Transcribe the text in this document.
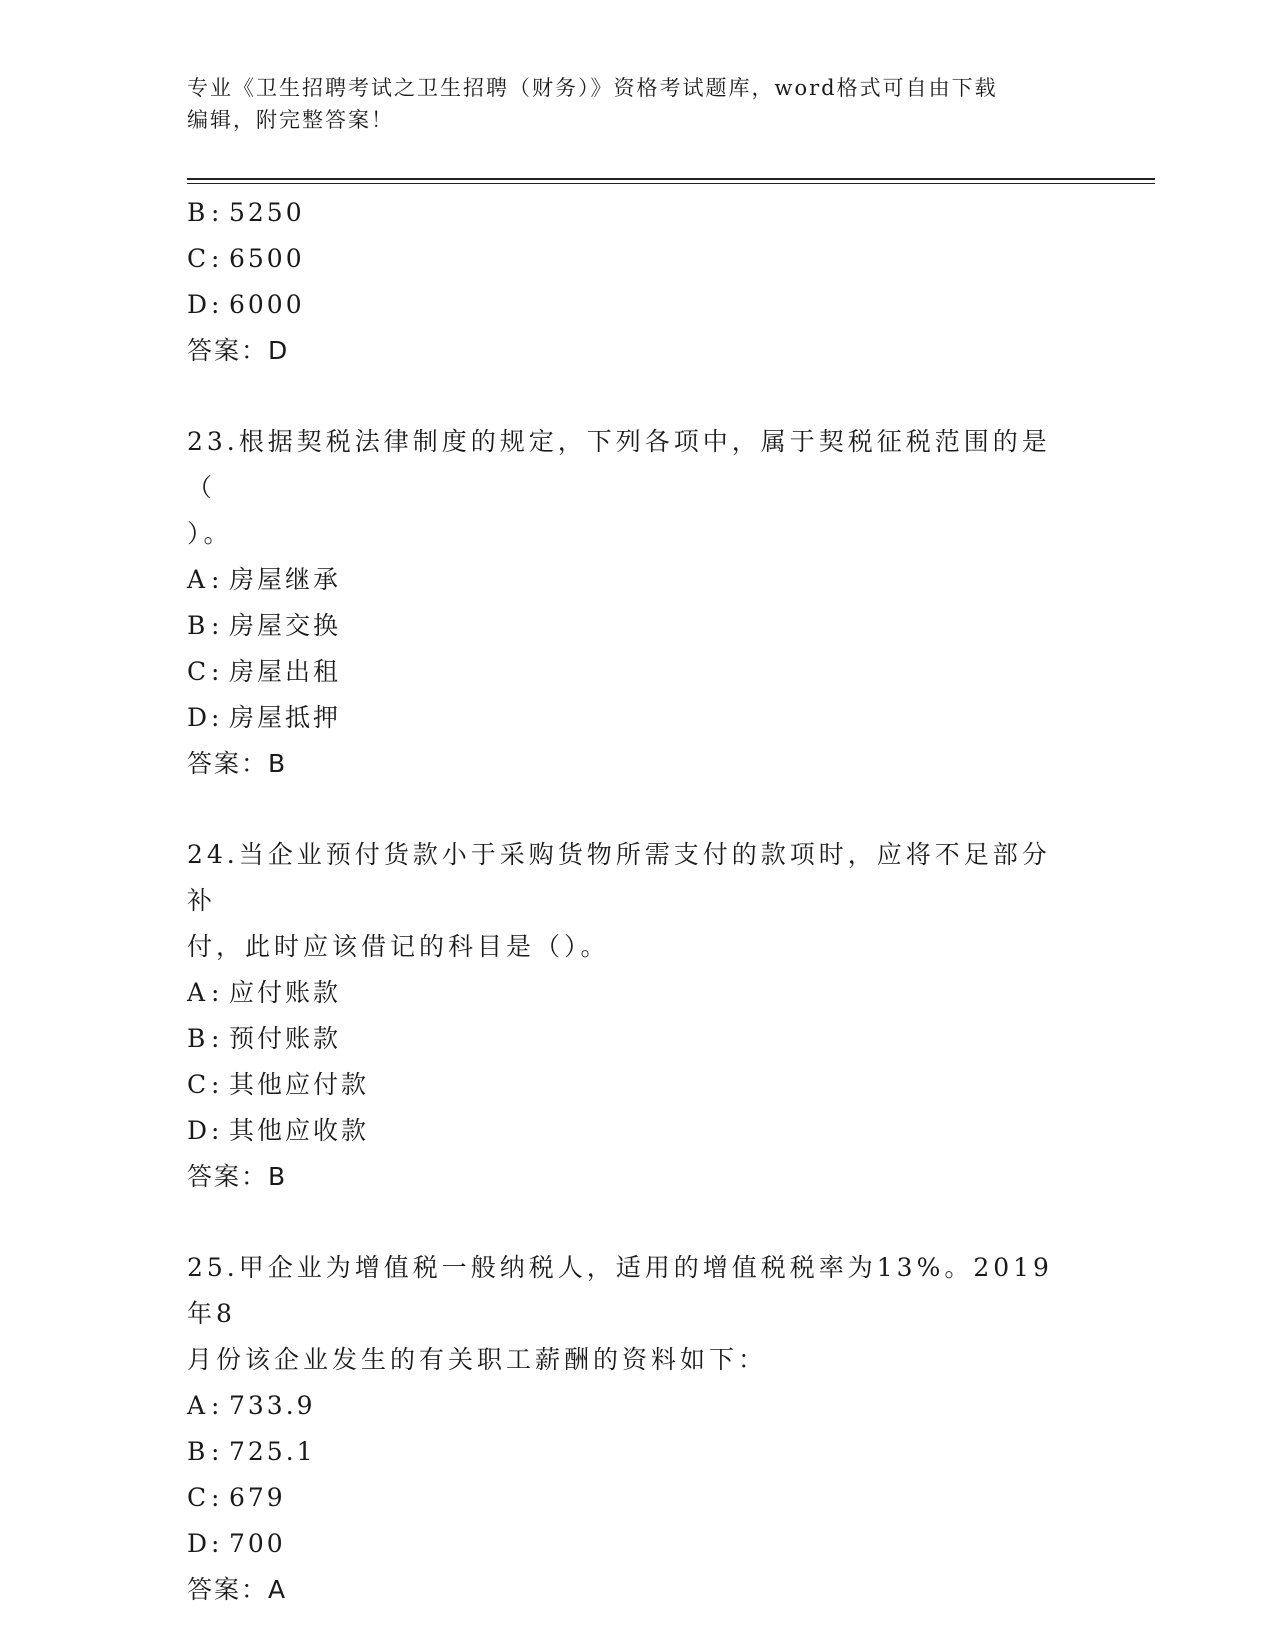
专业《卫生招聘考试之卫生招聘（财务）》资格考试题库，word格式可自由下载
编辑，附完整答案！
B : 5250
C: 6500
D: 6000
答案：D
23.根据契税法律制度的规定，下列各项中，属于契税征税范围的是（
）。
A : 房屋继承
B : 房屋交换
C: 房屋出租
D: 房屋抵押
答案：B
24.当企业预付货款小于采购货物所需支付的款项时，应将不足部分补
付，此时应该借记的科目是（）。
A : 应付账款
B : 预付账款
C: 其他应付款
D: 其他应收款
答案：B
25.甲企业为增值税一般纳税人，适用的增值税税率为13%。2019年8
月份该企业发生的有关职工薪酬的资料如下：
A : 733.9
B : 725.1
C: 679
D: 700
答案：A
